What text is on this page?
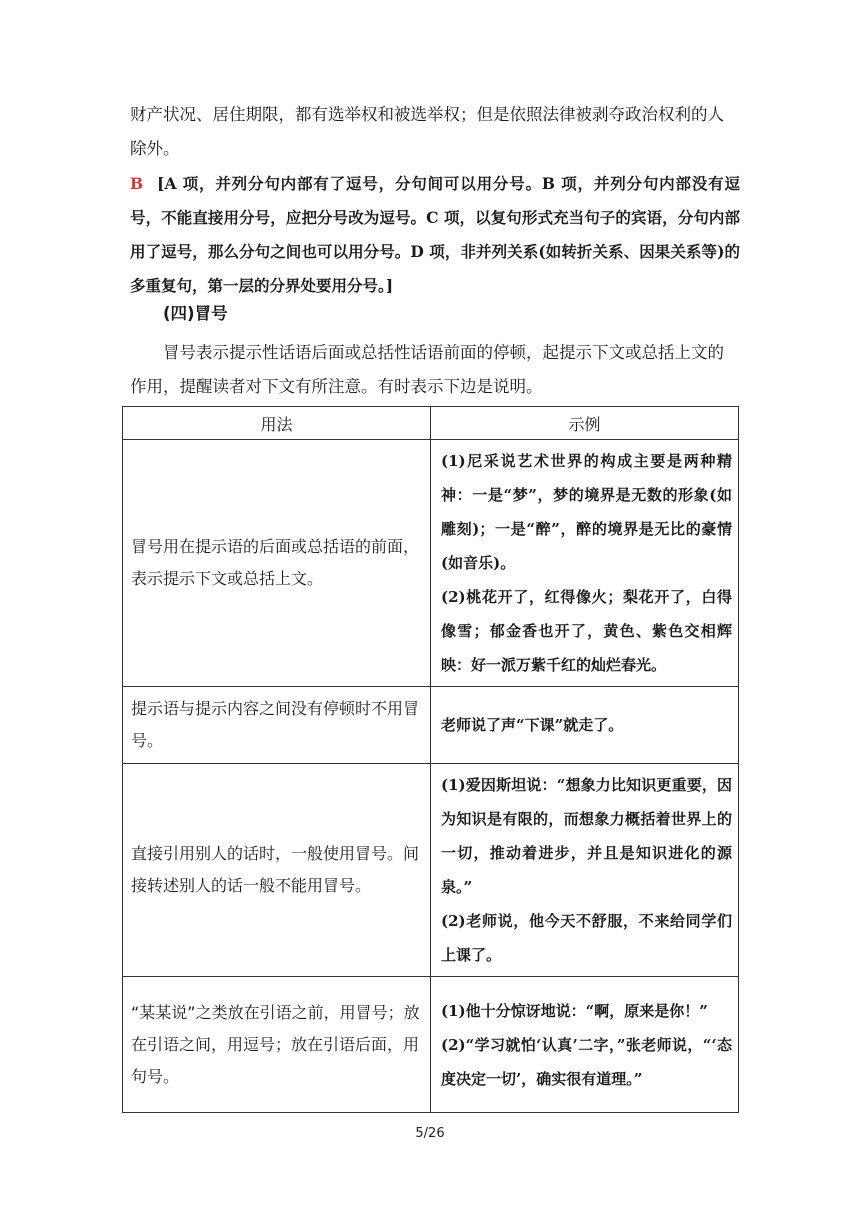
财产状况、居住期限，都有选举权和被选举权；但是依照法律被剥夺政治权利的人除外。

B [A 项，并列分句内部有了逗号，分句间可以用分号。B 项，并列分句内部没有逗号，不能直接用分号，应把分号改为逗号。C 项，以复句形式充当句子的宾语，分句内部用了逗号，那么分句之间也可以用分号。D 项，非并列关系(如转折关系、因果关系等)的多重复句，第一层的分界处要用分号。]

(四)冒号

冒号表示提示性话语后面或总括性话语前面的停顿，起提示下文或总括上文的作用，提醒读者对下文有所注意。有时表示下边是说明。

用法	示例
冒号用在提示语的后面或总括语的前面，表示提示下文或总括上文。	(1)尼采说艺术世界的构成主要是两种精神：一是“梦”，梦的境界是无数的形象(如雕刻)；一是“醉”，醉的境界是无比的豪情(如音乐)。

(2)桃花开了，红得像火；梨花开了，白得像雪；郁金香也开了，黄色、紫色交相辉映：好一派万紫千红的灿烂春光。

提示语与提示内容之间没有停顿时不用冒号。	老师说了声“下课”就走了。

直接引用别人的话时，一般使用冒号。间接转述别人的话一般不能用冒号。	(1)爱因斯坦说：“想象力比知识更重要，因为知识是有限的，而想象力概括着世界上的一切，推动着进步，并且是知识进化的源泉。”

(2)老师说，他今天不舒服，不来给同学们上课了。

“某某说”之类放在引语之前，用冒号；放在引语之间，用逗号；放在引语后面，用句号。	(1)他十分惊讶地说：“啊，原来是你！”

(2)“学习就怕‘认真’二字，”张老师说，“‘态度决定一切’，确实很有道理。”

5/26
